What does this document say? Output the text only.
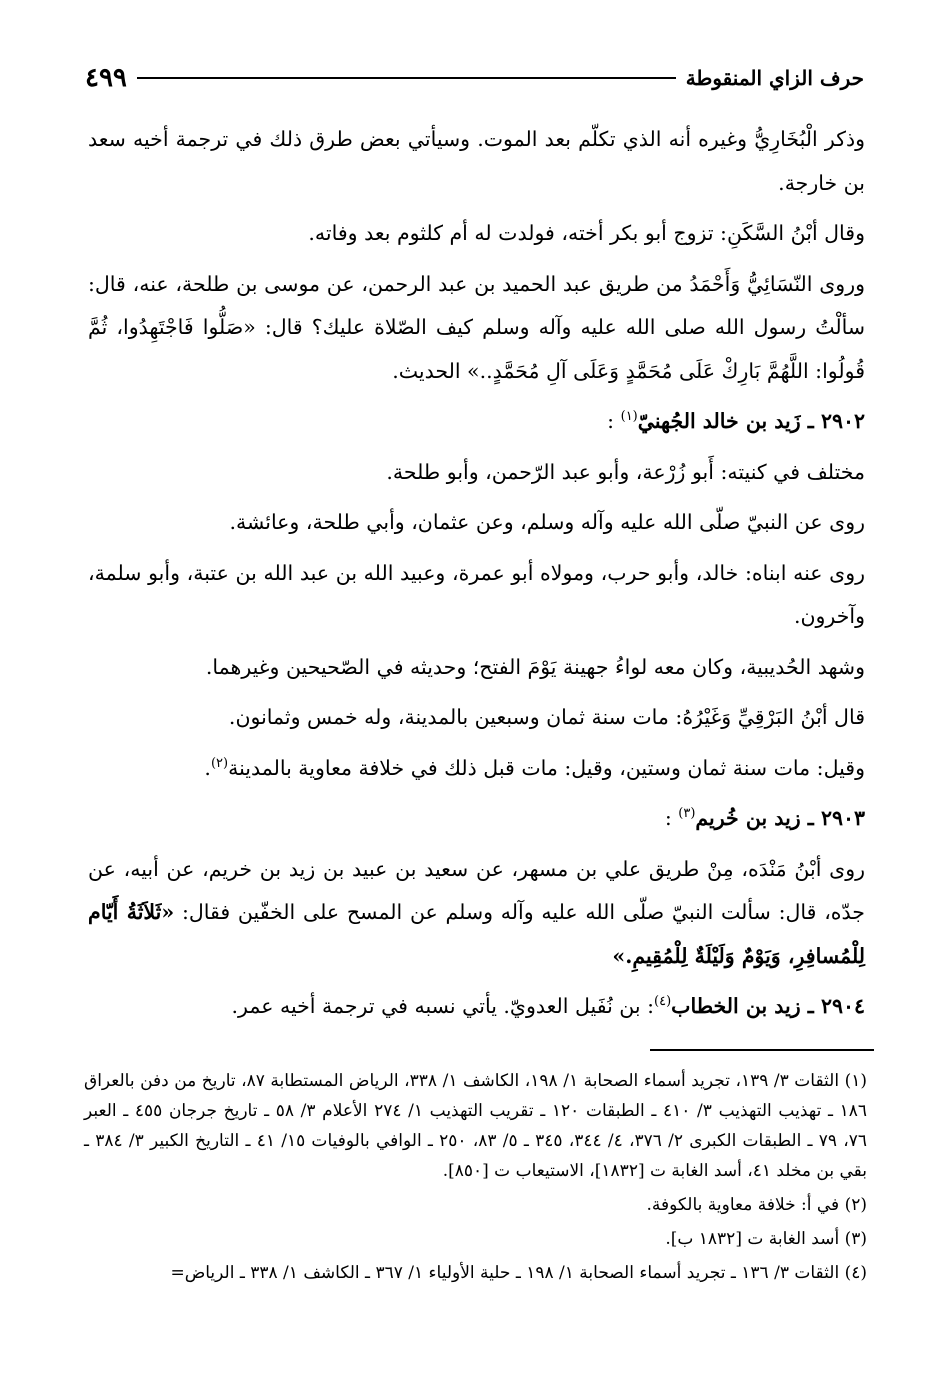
حرف الزاي المنقوطة
٤٩٩

وذكر الْبُخَارِيُّ وغيره أنه الذي تكلّم بعد الموت. وسيأتي بعض طرق ذلك في ترجمة أخيه سعد بن خارجة.

وقال أبْنُ السَّكَنِ: تزوج أبو بكر أخته، فولدت له أم كلثوم بعد وفاته.

وروى النّسَائِيُّ وَأَحْمَدُ من طريق عبد الحميد بن عبد الرحمن، عن موسى بن طلحة، عنه، قال: سألْتُ رسول الله صلى الله عليه وآله وسلم كيف الصّلاة عليك؟ قال: «صَلُّوا فَاجْتَهِدُوا، ثُمَّ قُولُوا: اللَّهُمَّ بَارِكْ عَلَى مُحَمَّدٍ وَعَلَى آلِ مُحَمَّدٍ..» الحديث.

٢٩٠٢ ـ زَيد بن خالد الجُهنيّ$^{(١)}$ :

مختلف في كنيته: أَبو زُرْعة، وأبو عبد الرّحمن، وأبو طلحة.

روى عن النبيّ صلّى الله عليه وآله وسلم، وعن عثمان، وأبي طلحة، وعائشة.

روى عنه ابناه: خالد، وأبو حرب، ومولاه أبو عمرة، وعبيد الله بن عبد الله بن عتبة، وأبو سلمة، وآخرون.

وشهد الحُديبية، وكان معه لواءُ جهينة يَوْمَ الفتح؛ وحديثه في الصّحيحين وغيرهما.

قال أبْنُ البَرْقِيِّ وَغَيْرُهُ: مات سنة ثمان وسبعين بالمدينة، وله خمس وثمانون.

وقيل: مات سنة ثمان وستين، وقيل: مات قبل ذلك في خلافة معاوية بالمدينة$^{(٢)}$.

٢٩٠٣ ـ زيد بن خُريم$^{(٣)}$ :

روى أبْنُ مَنْدَه، مِنْ طريق علي بن مسهر، عن سعيد بن عبيد بن زيد بن خريم، عن أبيه، عن جدّه، قال: سألت النبيّ صلّى الله عليه وآله وسلم عن المسح على الخفّين فقال: «ثَلاَثَةُ أَيّام لِلْمُسافِرِ، وَيَوْمٌ وَلَيْلَةٌ لِلْمُقِيمِ.»

٢٩٠٤ ـ زيد بن الخطاب$^{(٤)}$: بن نُفَيل العدويّ. يأتي نسبه في ترجمة أخيه عمر.

(١) الثقات ٣/ ١٣٩، تجريد أسماء الصحابة ١/ ١٩٨، الكاشف ١/ ٣٣٨، الرياض المستطابة ٨٧، تاريخ من دفن بالعراق ١٨٦ ـ تهذيب التهذيب ٣/ ٤١٠ ـ الطبقات ١٢٠ ـ تقريب التهذيب ١/ ٢٧٤ الأعلام ٣/ ٥٨ ـ تاريخ جرجان ٤٥٥ ـ العبر ٧٦، ٧٩ ـ الطبقات الكبرى ٢/ ٣٧٦، ٤/ ٣٤٤، ٣٤٥ ـ ٥/ ٨٣، ٢٥٠ ـ الوافي بالوفيات ١٥/ ٤١ ـ التاريخ الكبير ٣/ ٣٨٤ ـ بقي بن مخلد ٤١، أسد الغابة ت [١٨٣٢]، الاستيعاب ت [٨٥٠].

(٢) في أ: خلافة معاوية بالكوفة.

(٣) أسد الغابة ت [١٨٣٢ ب].

(٤) الثقات ٣/ ١٣٦ ـ تجريد أسماء الصحابة ١/ ١٩٨ ـ حلية الأولياء ١/ ٣٦٧ ـ الكاشف ١/ ٣٣٨ ـ الرياض=
